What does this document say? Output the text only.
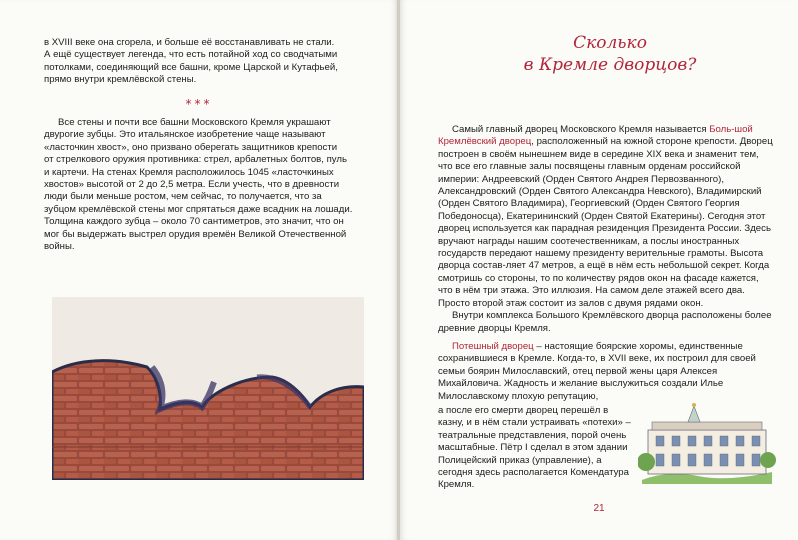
в XVIII веке она сгорела, и больше её восстанавливать не стали.

А ещё существует легенда, что есть потайной ход со сводчатыми

потолками, соединяющий все башни, кроме Царской и Кутафьей,

прямо внутри кремлёвской стены.

***

Все стены и почти все башни Московского Кремля украшают

двурогие зубцы. Это итальянское изобретение чаще называют

«ласточкин хвост», оно призвано оберегать защитников крепости

от стрелкового оружия противника: стрел, арбалетных болтов, пуль

и картечи. На стенах Кремля расположилось 1045 «ласточкиных

хвостов» высотой от 2 до 2,5 метра. Если учесть, что в древности

люди были меньше ростом, чем сейчас, то получается, что за

зубцом кремлёвской стены мог спрятаться даже всадник на лошади.

Толщина каждого зубца – около 70 сантиметров, это значит, что он

мог бы выдержать выстрел орудия времён Великой Отечественной

войны.

Сколько
в Кремле дворцов?

Самый главный дворец Московского Кремля называется Боль-шой Кремлёвский дворец, расположенный на южной стороне крепости. Дворец построен в своём нынешнем виде в середине XIX века и знаменит тем, что все его главные залы посвящены главным орденам российской империи: Андреевский (Орден Святого Андрея Первозванного), Александровский (Орден Святого Александра Невского), Владимирский (Орден Святого Владимира), Георгиевский (Орден Святого Георгия Победоносца), Екатерининский (Орден Святой Екатерины). Сегодня этот дворец используется как парадная резиденция Президента России. Здесь вручают награды нашим соотечественникам, а послы иностранных государств передают нашему президенту верительные грамоты. Высота дворца состав-ляет 47 метров, а ещё в нём есть небольшой секрет. Когда смотришь со стороны, то по количеству рядов окон на фасаде кажется, что в нём три этажа. Это иллюзия. На самом деле этажей всего два. Просто второй этаж состоит из залов с двумя рядами окон.

Внутри комплекса Большого Кремлёвского дворца расположены более древние дворцы Кремля.

Потешный дворец – настоящие боярские хоромы, единственные сохранившиеся в Кремле. Когда-то, в XVII веке, их построил для своей семьи боярин Милославский, отец первой жены царя Алексея Михайловича. Жадность и желание выслужиться создали Илье Милославскому плохую репутацию,

а после его смерти дворец перешёл в казну, и в нём стали устраивать «потехи» – театральные представления, порой очень масштабные. Пётр I сделал в этом здании Полицейский приказ (управление), а сегодня здесь располагается Комендатура Кремля.

21
